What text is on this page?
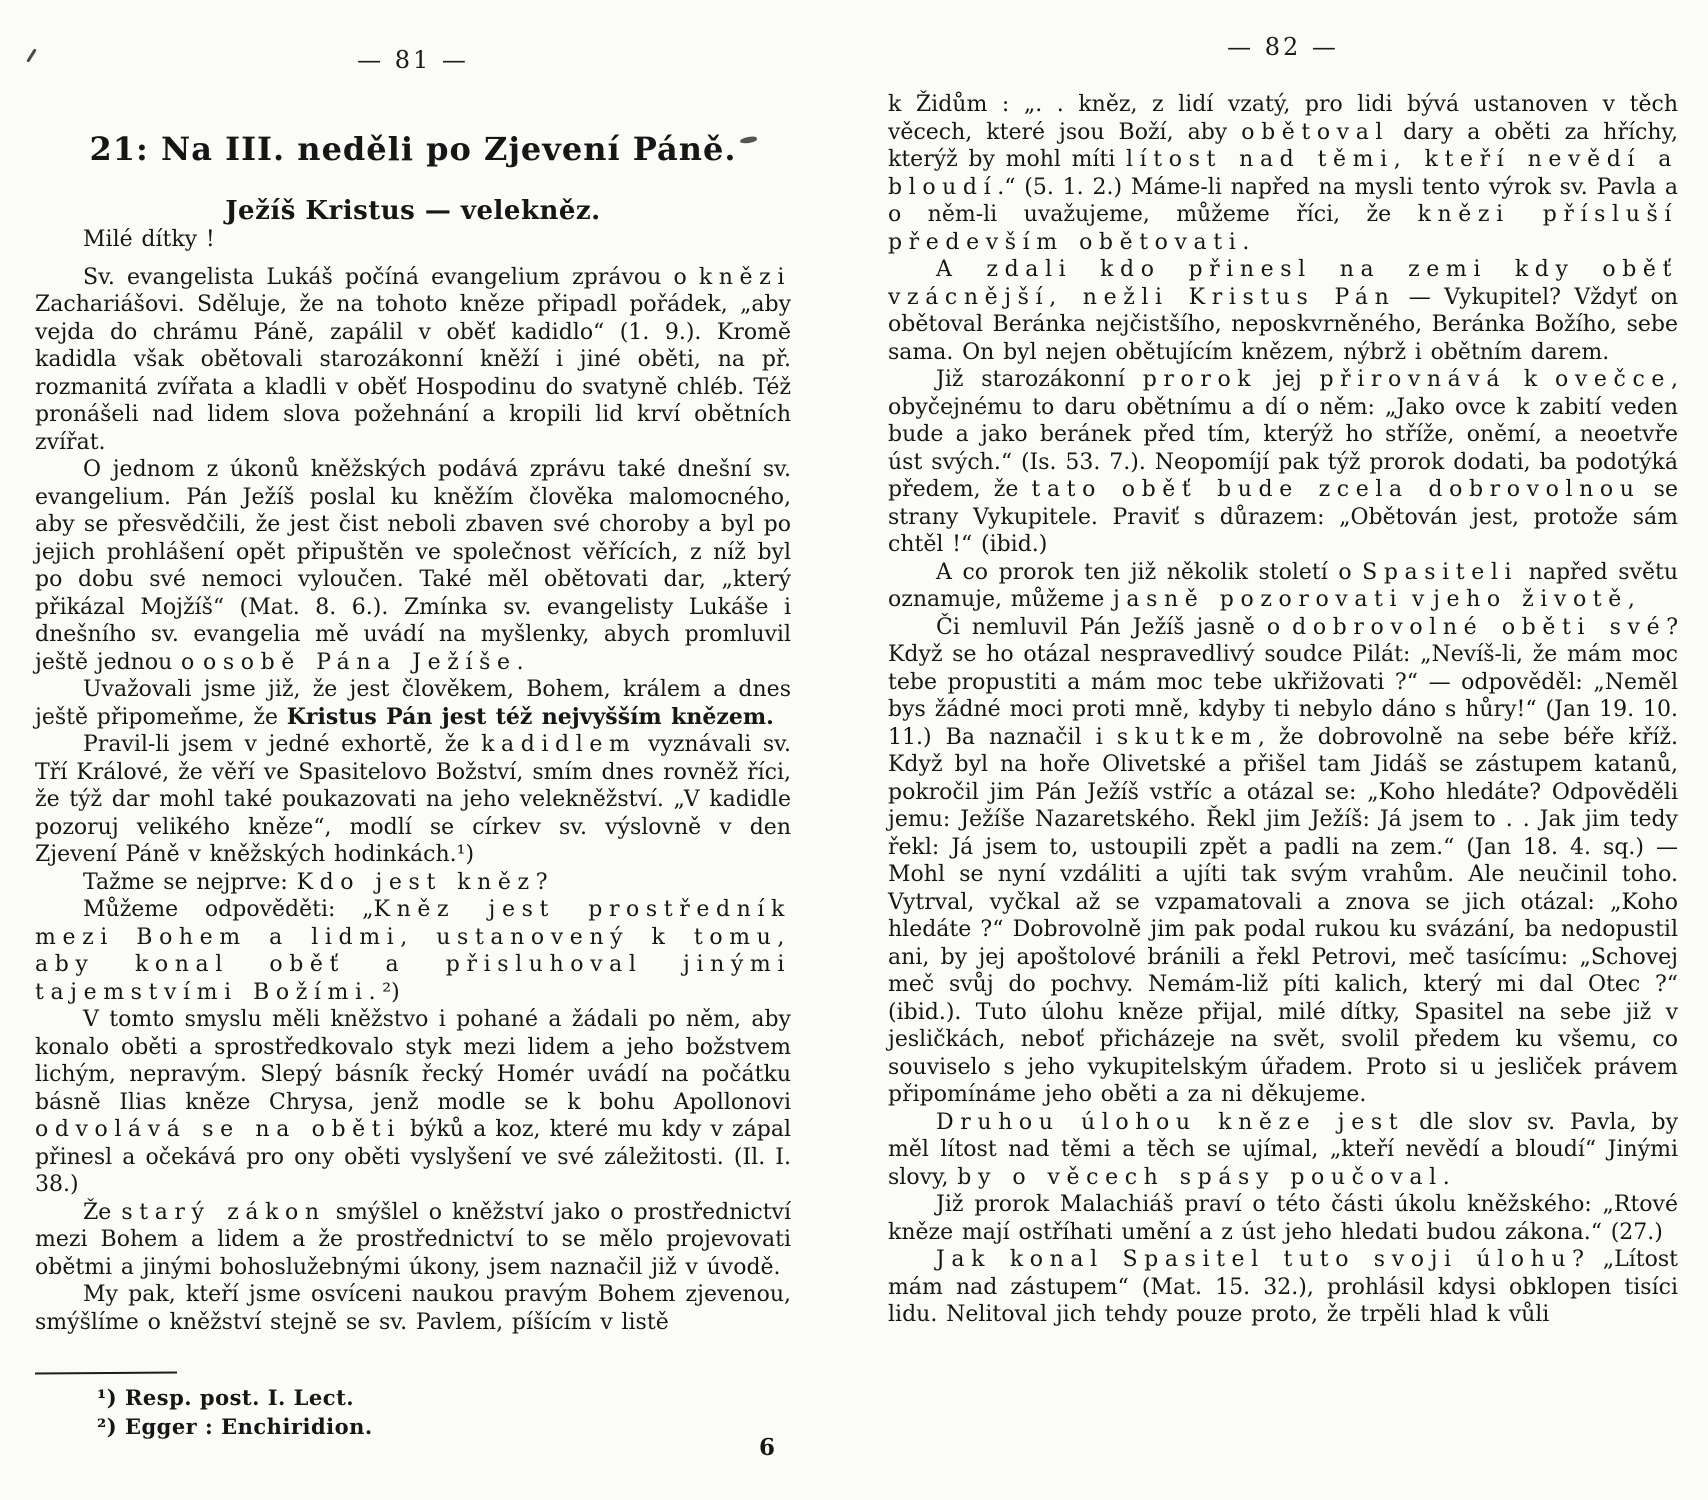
— 81 —
21: Na III. neděli po Zjevení Páně.
Ježíš Kristus — velekněz.

Milé dítky !

Sv. evangelista Lukáš počíná evangelium zprávou o knězi Zachariášovi. Sděluje, že na tohoto kněze připadl pořádek, „aby vejda do chrámu Páně, zapálil v oběť kadidlo“ (1. 9.). Kromě kadidla však obětovali starozákonní kněží i jiné oběti, na př. rozmanitá zvířata a kladli v oběť Hospodinu do svatyně chléb. Též pronášeli nad lidem slova požehnání a kropili lid krví obětních zvířat.

O jednom z úkonů kněžských podává zprávu také dnešní sv. evangelium. Pán Ježíš poslal ku kněžím člověka malomocného, aby se přesvědčili, že jest čist neboli zbaven své choroby a byl po jejich prohlášení opět připuštěn ve společnost věřících, z níž byl po dobu své nemoci vyloučen. Také měl obětovati dar, „který přikázal Mojžíš“ (Mat. 8. 6.). Zmínka sv. evangelisty Lukáše i dnešního sv. evangelia mě uvádí na myšlenky, abych promluvil ještě jednou o osobě Pána Ježíše.

Uvažovali jsme již, že jest člověkem, Bohem, králem a dnes ještě připomeňme, že Kristus Pán jest též nejvyšším knězem.

Pravil-li jsem v jedné exhortě, že kadidlem vyznávali sv. Tří Králové, že věří ve Spasitelovo Božství, smím dnes rovněž říci, že týž dar mohl také poukazovati na jeho velekněžství. „V kadidle pozoruj velikého kněze“, modlí se církev sv. výslovně v den Zjevení Páně v kněžských hodinkách.¹)

Tažme se nejprve: Kdo jest kněz?

Můžeme odpověděti: „Kněz jest prostředník mezi Bohem a lidmi, ustanovený k tomu, aby konal oběť a přisluhoval jinými tajemstvími Božími.²)

V tomto smyslu měli kněžstvo i pohané a žádali po něm, aby konalo oběti a sprostředkovalo styk mezi lidem a jeho božstvem lichým, nepravým. Slepý básník řecký Homér uvádí na počátku básně Ilias kněze Chrysa, jenž modle se k bohu Apollonovi odvolává se na oběti býků a koz, které mu kdy v zápal přinesl a očekává pro ony oběti vyslyšení ve své záležitosti. (Il. I. 38.)

Že starý zákon smýšlel o kněžství jako o prostřednictví mezi Bohem a lidem a že prostřednictví to se mělo projevovati obětmi a jinými bohoslužebnými úkony, jsem naznačil již v úvodě.

My pak, kteří jsme osvíceni naukou pravým Bohem zjevenou, smýšlíme o kněžství stejně se sv. Pavlem, píšícím v listě

¹) Resp. post. I. Lect.
²) Egger : Enchiridion.
6
— 82 —

k Židům : „. . kněz, z lidí vzatý, pro lidi bývá ustanoven v těch věcech, které jsou Boží, aby obětoval dary a oběti za hříchy, kterýž by mohl míti lítost nad těmi, kteří nevědí a bloudí.“ (5. 1. 2.) Máme-li napřed na mysli tento výrok sv. Pavla a o něm-li uvažujeme, můžeme říci, že knězi přísluší především obětovati.

A zdali kdo přinesl na zemi kdy oběť vzácnější, nežli Kristus Pán — Vykupitel? Vždyť on obětoval Beránka nejčistšího, neposkvrněného, Beránka Božího, sebe sama. On byl nejen obětujícím knězem, nýbrž i obětním darem.

Již starozákonní prorok jej přirovnává k ovečce, obyčejnému to daru obětnímu a dí o něm: „Jako ovce k zabití veden bude a jako beránek před tím, kterýž ho stříže, oněmí, a neoetvře úst svých.“ (Is. 53. 7.). Neopomíjí pak týž prorok dodati, ba podotýká předem, že tato oběť bude zcela dobrovolnou se strany Vykupitele. Praviť s důrazem: „Obětován jest, protože sám chtěl !“ (ibid.)

A co prorok ten již několik století o Spasiteli napřed světu oznamuje, můžeme jasně pozorovati v jeho životě,

Či nemluvil Pán Ježíš jasně o dobrovolné oběti své? Když se ho otázal nespravedlivý soudce Pilát: „Nevíš-li, že mám moc tebe propustiti a mám moc tebe ukřižovati ?“ — odpověděl: „Neměl bys žádné moci proti mně, kdyby ti nebylo dáno s hůry!“ (Jan 19. 10. 11.) Ba naznačil i skutkem, že dobrovolně na sebe béře kříž. Když byl na hoře Olivetské a přišel tam Jidáš se zástupem katanů, pokročil jim Pán Ježíš vstříc a otázal se: „Koho hledáte? Odpověděli jemu: Ježíše Nazaretského. Řekl jim Ježíš: Já jsem to . . Jak jim tedy řekl: Já jsem to, ustoupili zpět a padli na zem.“ (Jan 18. 4. sq.) — Mohl se nyní vzdáliti a ujíti tak svým vrahům. Ale neučinil toho. Vytrval, vyčkal až se vzpamatovali a znova se jich otázal: „Koho hledáte ?“ Dobrovolně jim pak podal rukou ku svázání, ba nedopustil ani, by jej apoštolové bránili a řekl Petrovi, meč tasícímu: „Schovej meč svůj do pochvy. Nemám-liž píti kalich, který mi dal Otec ?“ (ibid.). Tuto úlohu kněze přijal, milé dítky, Spasitel na sebe již v jesličkách, neboť přicházeje na svět, svolil předem ku všemu, co souviselo s jeho vykupitelským úřadem. Proto si u jesliček právem připomínáme jeho oběti a za ni děkujeme.

Druhou úlohou kněze jest dle slov sv. Pavla, by měl lítost nad těmi a těch se ujímal, „kteří nevědí a bloudí“ Jinými slovy, by o věcech spásy poučoval.

Již prorok Malachiáš praví o této části úkolu kněžského: „Rtové kněze mají ostříhati umění a z úst jeho hledati budou zákona.“ (27.)

Jak konal Spasitel tuto svoji úlohu? „Lítost mám nad zástupem“ (Mat. 15. 32.), prohlásil kdysi obklopen tisíci lidu. Nelitoval jich tehdy pouze proto, že trpěli hlad k vůli
